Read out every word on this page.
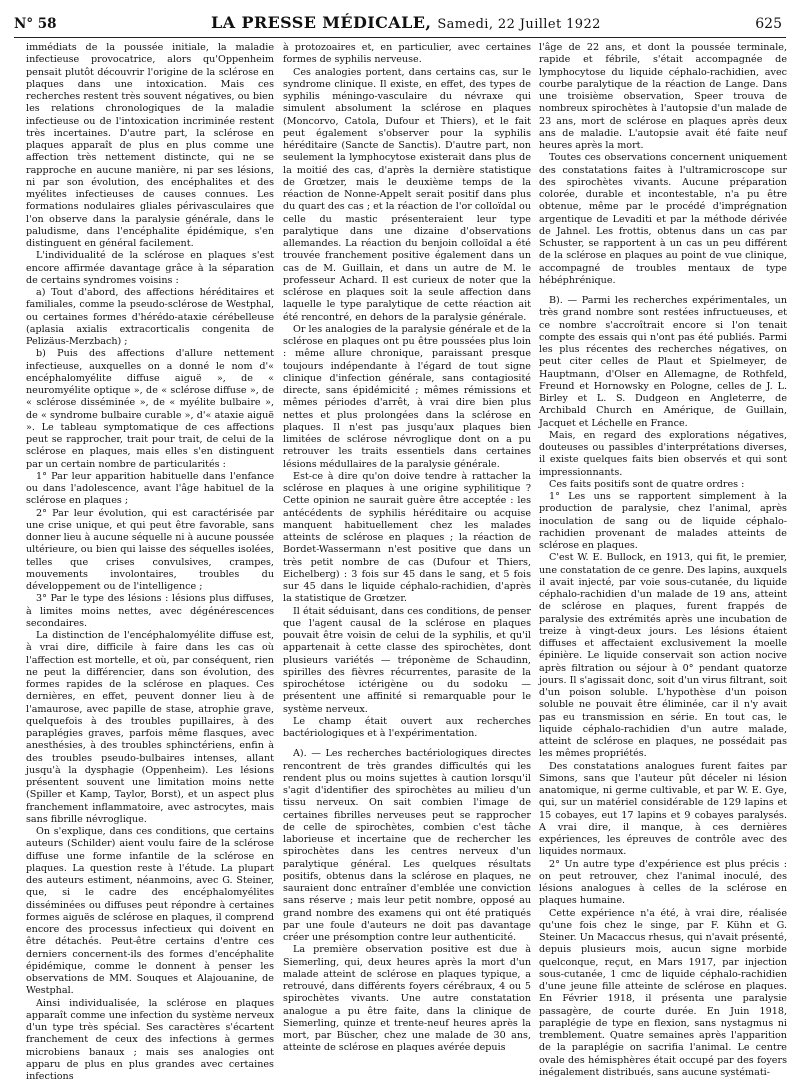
N° 58	LA PRESSE MÉDICALE, Samedi, 22 Juillet 1922	625

immédiats de la poussée initiale, la maladie infectieuse provocatrice, alors qu'Oppenheim pensait plutôt découvrir l'origine de la sclérose en plaques dans une intoxication. Mais ces recherches restent très souvent négatives, ou bien les relations chronologiques de la maladie infectieuse ou de l'intoxication incriminée restent très incertaines. D'autre part, la sclérose en plaques apparaît de plus en plus comme une affection très nettement distincte, qui ne se rapproche en aucune manière, ni par ses lésions, ni par son évolution, des encéphalites et des myélites infectieuses de causes connues. Les formations nodulaires gliales périvasculaires que l'on observe dans la paralysie générale, dans le paludisme, dans l'encéphalite épidémique, s'en distinguent en général facilement.

L'individualité de la sclérose en plaques s'est encore affirmée davantage grâce à la séparation de certains syndromes voisins :

a) Tout d'abord, des affections héréditaires et familiales, comme la pseudo-sclérose de Westphal, ou certaines formes d'hérédo-ataxie cérébelleuse (aplasia axialis extracorticalis congenita de Pelizäus-Merzbach) ;

b) Puis des affections d'allure nettement infectieuse, auxquelles on a donné le nom d'« encéphalomyélite diffuse aiguë », de « neuromyélite optique », de « sclérose diffuse », de « sclérose disséminée », de « myélite bulbaire », de « syndrome bulbaire curable », d'« ataxie aiguë ». Le tableau symptomatique de ces affections peut se rapprocher, trait pour trait, de celui de la sclérose en plaques, mais elles s'en distinguent par un certain nombre de particularités :

1° Par leur apparition habituelle dans l'enfance ou dans l'adolescence, avant l'âge habituel de la sclérose en plaques ;

2° Par leur évolution, qui est caractérisée par une crise unique, et qui peut être favorable, sans donner lieu à aucune séquelle ni à aucune poussée ultérieure, ou bien qui laisse des séquelles isolées, telles que crises convulsives, crampes, mouvements involontaires, troubles du développement ou de l'intelligence ;

3° Par le type des lésions : lésions plus diffuses, à limites moins nettes, avec dégénérescences secondaires.

La distinction de l'encéphalomyélite diffuse est, à vrai dire, difficile à faire dans les cas où l'affection est mortelle, et où, par conséquent, rien ne peut la différencier, dans son évolution, des formes rapides de la sclérose en plaques. Ces dernières, en effet, peuvent donner lieu à de l'amaurose, avec papille de stase, atrophie grave, quelquefois à des troubles pupillaires, à des paraplégies graves, parfois même flasques, avec anesthésies, à des troubles sphinctériens, enfin à des troubles pseudo-bulbaires intenses, allant jusqu'à la dysphagie (Oppenheim). Les lésions présentent souvent une limitation moins nette (Spiller et Kamp, Taylor, Borst), et un aspect plus franchement inflammatoire, avec astrocytes, mais sans fibrille névroglique.

On s'explique, dans ces conditions, que certains auteurs (Schilder) aient voulu faire de la sclérose diffuse une forme infantile de la sclérose en plaques. La question reste à l'étude. La plupart des auteurs estiment, néanmoins, avec G. Steiner, que, si le cadre des encéphalomyélites disséminées ou diffuses peut répondre à certaines formes aiguës de sclérose en plaques, il comprend encore des processus infectieux qui doivent en être détachés. Peut-être certains d'entre ces derniers concernent-ils des formes d'encéphalite épidémique, comme le donnent à penser les observations de MM. Souques et Alajouanine, de Westphal.

Ainsi individualisée, la sclérose en plaques apparaît comme une infection du système nerveux d'un type très spécial. Ses caractères s'écartent franchement de ceux des infections à germes microbiens banaux ; mais ses analogies ont apparu de plus en plus grandes avec certaines infections

à protozoaires et, en particulier, avec certaines formes de syphilis nerveuse.

Ces analogies portent, dans certains cas, sur le syndrome clinique. Il existe, en effet, des types de syphilis méningo-vasculaire du névraxe qui simulent absolument la sclérose en plaques (Moncorvo, Catola, Dufour et Thiers), et le fait peut également s'observer pour la syphilis héréditaire (Sancte de Sanctis). D'autre part, non seulement la lymphocytose existerait dans plus de la moitié des cas, d'après la dernière statistique de Grœtzer, mais le deuxième temps de la réaction de Nonne-Appelt serait positif dans plus du quart des cas ; et la réaction de l'or colloïdal ou celle du mastic présenteraient leur type paralytique dans une dizaine d'observations allemandes. La réaction du benjoin colloïdal a été trouvée franchement positive également dans un cas de M. Guillain, et dans un autre de M. le professeur Achard. Il est curieux de noter que la sclérose en plaques soit la seule affection dans laquelle le type paralytique de cette réaction ait été rencontré, en dehors de la paralysie générale.

Or les analogies de la paralysie générale et de la sclérose en plaques ont pu être poussées plus loin : même allure chronique, paraissant presque toujours indépendante à l'égard de tout signe clinique d'infection générale, sans contagiosité directe, sans épidémicité ; mêmes rémissions et mêmes périodes d'arrêt, à vrai dire bien plus nettes et plus prolongées dans la sclérose en plaques. Il n'est pas jusqu'aux plaques bien limitées de sclérose névroglique dont on a pu retrouver les traits essentiels dans certaines lésions médullaires de la paralysie générale.

Est-ce à dire qu'on doive tendre à rattacher la sclérose en plaques à une origine syphilitique ? Cette opinion ne saurait guère être acceptée : les antécédents de syphilis héréditaire ou acquise manquent habituellement chez les malades atteints de sclérose en plaques ; la réaction de Bordet-Wassermann n'est positive que dans un très petit nombre de cas (Dufour et Thiers, Eichelberg) : 3 fois sur 45 dans le sang, et 5 fois sur 45 dans le liquide céphalo-rachidien, d'après la statistique de Grœtzer.

Il était séduisant, dans ces conditions, de penser que l'agent causal de la sclérose en plaques pouvait être voisin de celui de la syphilis, et qu'il appartenait à cette classe des spirochètes, dont plusieurs variétés — tréponème de Schaudinn, spirilles des fièvres récurrentes, parasite de la spirochétose ictérigène ou du sodoku — présentent une affinité si remarquable pour le système nerveux.

Le champ était ouvert aux recherches bactériologiques et à l'expérimentation.

A). — Les recherches bactériologiques directes rencontrent de très grandes difficultés qui les rendent plus ou moins sujettes à caution lorsqu'il s'agit d'identifier des spirochètes au milieu d'un tissu nerveux. On sait combien l'image de certaines fibrilles nerveuses peut se rapprocher de celle de spirochètes, combien c'est tâche laborieuse et incertaine que de rechercher les spirochètes dans les centres nerveux d'un paralytique général. Les quelques résultats positifs, obtenus dans la sclérose en plaques, ne sauraient donc entraîner d'emblée une conviction sans réserve ; mais leur petit nombre, opposé au grand nombre des examens qui ont été pratiqués par une foule d'auteurs ne doit pas davantage créer une présomption contre leur authenticité.

La première observation positive est due à Siemerling, qui, deux heures après la mort d'un malade atteint de sclérose en plaques typique, a retrouvé, dans différents foyers cérébraux, 4 ou 5 spirochètes vivants. Une autre constatation analogue a pu être faite, dans la clinique de Siemerling, quinze et trente-neuf heures après la mort, par Büscher, chez une malade de 30 ans, atteinte de sclérose en plaques avérée depuis

l'âge de 22 ans, et dont la poussée terminale, rapide et fébrile, s'était accompagnée de lymphocytose du liquide céphalo-rachidien, avec courbe paralytique de la réaction de Lange. Dans une troisième observation, Speer trouva de nombreux spirochètes à l'autopsie d'un malade de 23 ans, mort de sclérose en plaques après deux ans de maladie. L'autopsie avait été faite neuf heures après la mort.

Toutes ces observations concernent uniquement des constatations faites à l'ultramicroscope sur des spirochètes vivants. Aucune préparation colorée, durable et incontestable, n'a pu être obtenue, même par le procédé d'imprégnation argentique de Levaditi et par la méthode dérivée de Jahnel. Les frottis, obtenus dans un cas par Schuster, se rapportent à un cas un peu différent de la sclérose en plaques au point de vue clinique, accompagné de troubles mentaux de type hébéphrénique.

B). — Parmi les recherches expérimentales, un très grand nombre sont restées infructueuses, et ce nombre s'accroîtrait encore si l'on tenait compte des essais qui n'ont pas été publiés. Parmi les plus récentes des recherches négatives, on peut citer celles de Plaut et Spielmeyer, de Hauptmann, d'Olser en Allemagne, de Rothfeld, Freund et Hornowsky en Pologne, celles de J. L. Birley et L. S. Dudgeon en Angleterre, de Archibald Church en Amérique, de Guillain, Jacquet et Léchelle en France.

Mais, en regard des explorations négatives, douteuses ou passibles d'interprétations diverses, il existe quelques faits bien observés et qui sont impressionnants.

Ces faits positifs sont de quatre ordres :

1° Les uns se rapportent simplement à la production de paralysie, chez l'animal, après inoculation de sang ou de liquide céphalo-rachidien provenant de malades atteints de sclérose en plaques.

C'est W. E. Bullock, en 1913, qui fit, le premier, une constatation de ce genre. Des lapins, auxquels il avait injecté, par voie sous-cutanée, du liquide céphalo-rachidien d'un malade de 19 ans, atteint de sclérose en plaques, furent frappés de paralysie des extrémités après une incubation de treize à vingt-deux jours. Les lésions étaient diffuses et affectaient exclusivement la moelle épinière. Le liquide conservait son action nocive après filtration ou séjour à 0° pendant quatorze jours. Il s'agissait donc, soit d'un virus filtrant, soit d'un poison soluble. L'hypothèse d'un poison soluble ne pouvait être éliminée, car il n'y avait pas eu transmission en série. En tout cas, le liquide céphalo-rachidien d'un autre malade, atteint de sclérose en plaques, ne possédait pas les mêmes propriétés.

Des constatations analogues furent faites par Simons, sans que l'auteur pût déceler ni lésion anatomique, ni germe cultivable, et par W. E. Gye, qui, sur un matériel considérable de 129 lapins et 15 cobayes, eut 17 lapins et 9 cobayes paralysés. A vrai dire, il manque, à ces dernières expériences, les épreuves de contrôle avec des liquides normaux.

2° Un autre type d'expérience est plus précis : on peut retrouver, chez l'animal inoculé, des lésions analogues à celles de la sclérose en plaques humaine.

Cette expérience n'a été, à vrai dire, réalisée qu'une fois chez le singe, par F. Kühn et G. Steiner. Un Macaccus rhesus, qui n'avait présenté, depuis plusieurs mois, aucun signe morbide quelconque, reçut, en Mars 1917, par injection sous-cutanée, 1 cmc de liquide céphalo-rachidien d'une jeune fille atteinte de sclérose en plaques. En Février 1918, il présenta une paralysie passagère, de courte durée. En Juin 1918, paraplégie de type en flexion, sans nystagmus ni tremblement. Quatre semaines après l'apparition de la paraplégie on sacrifia l'animal. Le centre ovale des hémisphères était occupé par des foyers inégalement distribués, sans aucune systémati-
